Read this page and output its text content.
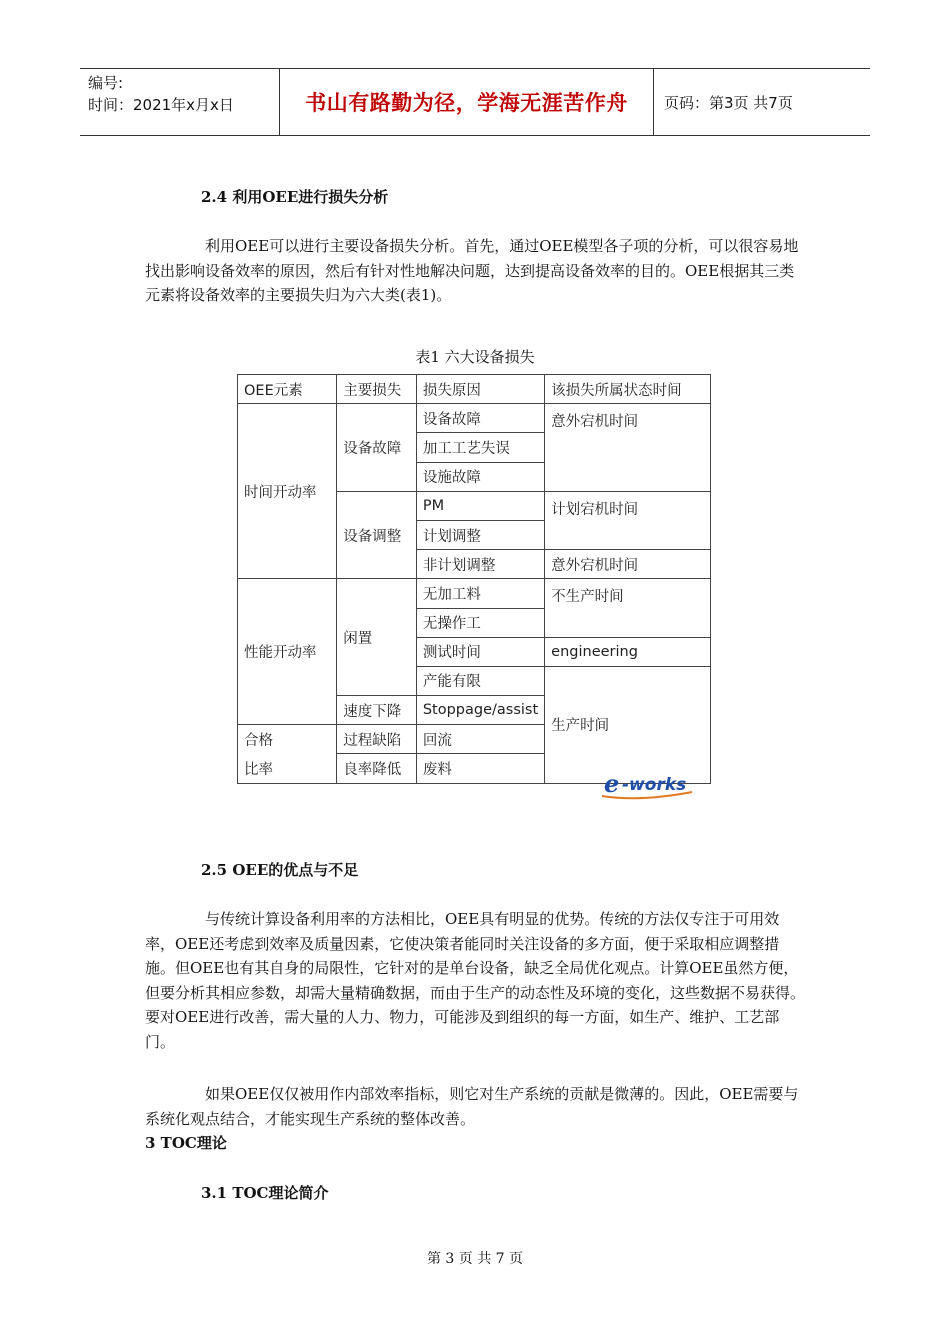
编号:
时间：2021年x月x日	书山有路勤为径，学海无涯苦作舟	页码：第3页 共7页
2.4 利用OEE进行损失分析
利用OEE可以进行主要设备损失分析。首先，通过OEE模型各子项的分析，可以很容易地找出影响设备效率的原因，然后有针对性地解决问题，达到提高设备效率的目的。OEE根据其三类元素将设备效率的主要损失归为六大类(表1)。
表1 六大设备损失
OEE元素	主要损失	损失原因	该损失所属状态时间
时间开动率	设备故障	设备故障	意外宕机时间
		加工工艺失误	
		设施故障	
	设备调整	PM	计划宕机时间
		计划调整	
		非计划调整	意外宕机时间
性能开动率	闲置	无加工料	不生产时间
		无操作工	
		测试时间	engineering
		产能有限	生产时间
	速度下降	Stoppage/assist	
合格	过程缺陷	回流	
比率	良率降低	废料		e -works
2.5 OEE的优点与不足
与传统计算设备利用率的方法相比，OEE具有明显的优势。传统的方法仅专注于可用效率，OEE还考虑到效率及质量因素，它使决策者能同时关注设备的多方面，便于采取相应调整措施。但OEE也有其自身的局限性，它针对的是单台设备，缺乏全局优化观点。计算OEE虽然方便，但要分析其相应参数，却需大量精确数据，而由于生产的动态性及环境的变化，这些数据不易获得。要对OEE进行改善，需大量的人力、物力，可能涉及到组织的每一方面，如生产、维护、工艺部门。
如果OEE仅仅被用作内部效率指标，则它对生产系统的贡献是微薄的。因此，OEE需要与系统化观点结合，才能实现生产系统的整体改善。
3 TOC理论
3.1 TOC理论简介
第 3 页 共 7 页
